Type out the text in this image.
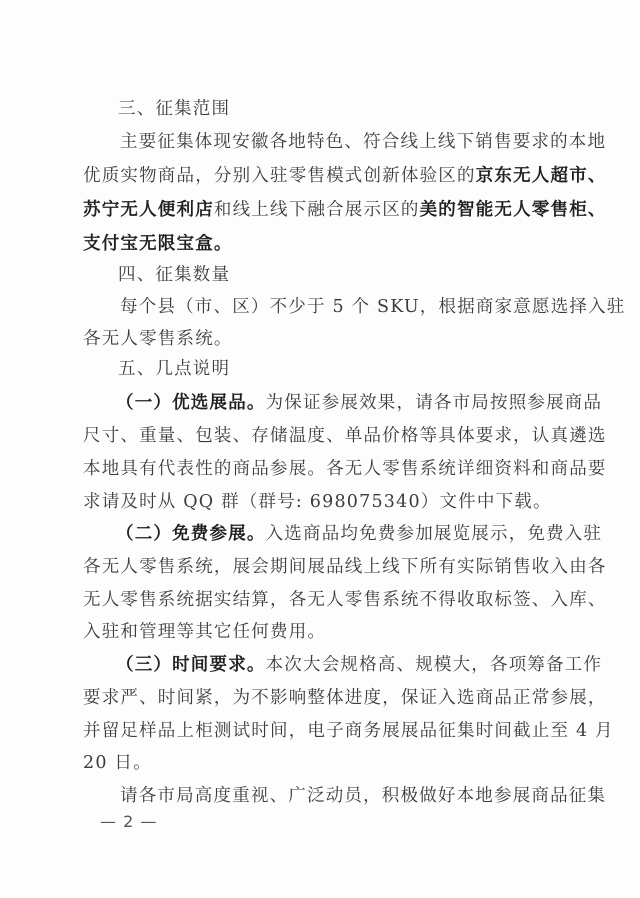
三、征集范围
主要征集体现安徽各地特色、符合线上线下销售要求的本地
优质实物商品，分别入驻零售模式创新体验区的京东无人超市、
苏宁无人便利店和线上线下融合展示区的美的智能无人零售柜、
支付宝无限宝盒。
四、征集数量
每个县（市、区）不少于 5 个 SKU，根据商家意愿选择入驻
各无人零售系统。
五、几点说明
（一）优选展品。为保证参展效果，请各市局按照参展商品
尺寸、重量、包装、存储温度、单品价格等具体要求，认真遴选
本地具有代表性的商品参展。各无人零售系统详细资料和商品要
求请及时从 QQ 群（群号: 698075340）文件中下载。
（二）免费参展。入选商品均免费参加展览展示，免费入驻
各无人零售系统，展会期间展品线上线下所有实际销售收入由各
无人零售系统据实结算，各无人零售系统不得收取标签、入库、
入驻和管理等其它任何费用。
（三）时间要求。本次大会规格高、规模大，各项筹备工作
要求严、时间紧，为不影响整体进度，保证入选商品正常参展，
并留足样品上柜测试时间，电子商务展展品征集时间截止至 4 月
20 日。
请各市局高度重视、广泛动员，积极做好本地参展商品征集
— 2 —
